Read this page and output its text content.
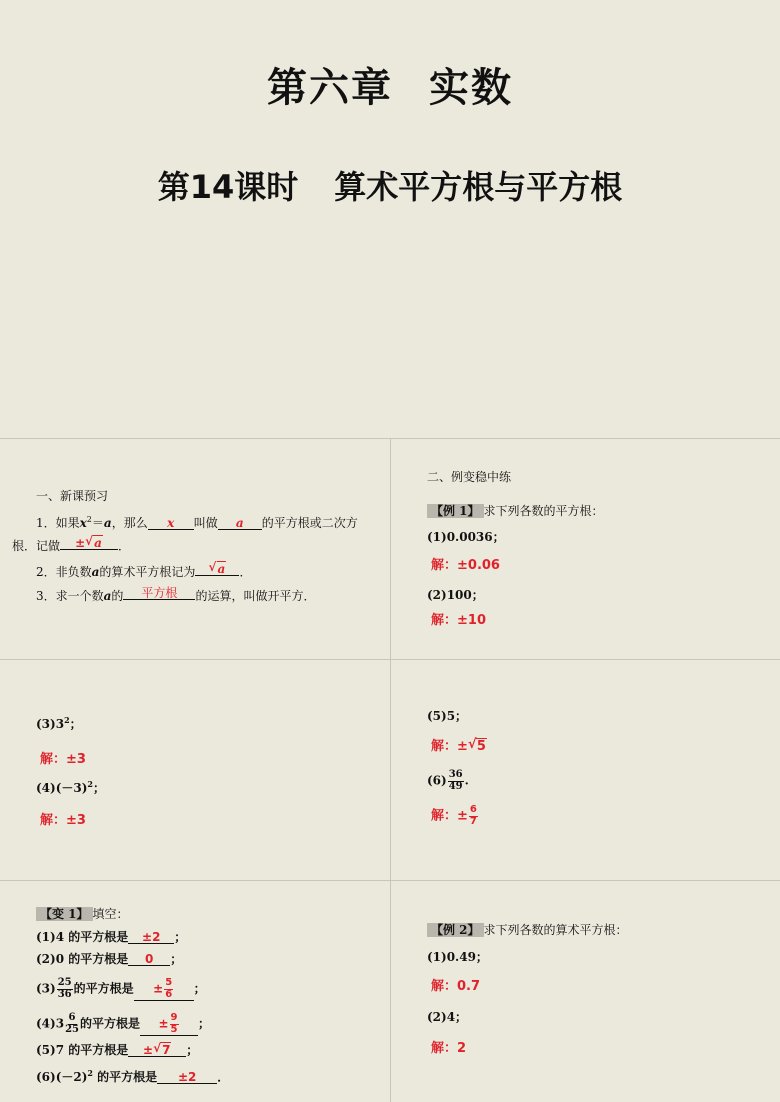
第六章 实数
第14课时 算术平方根与平方根
一、新课预习
1．如果$x^2=a$，那么 x 叫做 a 的平方根或二次方
根．记做 ± √ a ．
2．非负数a的算术平方根记为 √ a ．
3．求一个数a的 平方根 的运算，叫做开平方．
二、例变稳中练
【例 1】 求下列各数的平方根：
(1)0.0036；
解：±0.06
(2)100；
解：±10
$(3)3^2$；
解：±3
$(4)(-3)^2$；
解：±3
(5)5；
解：± √ 5
$(6) \frac{36}{49}$ .
解：± $\frac{6}{7}$
【变 1】 填空：
(1)4 的平方根是 ±2 ；
(2)0 的平方根是 0 ；
$(3) \frac{25}{36}$ 的平方根是 ± $\frac{5}{6}$ ；
$(4)3 \frac{6}{25}$ 的平方根是 ± $\frac{9}{5}$ ；
(5)7 的平方根是 ± √ 7 ；
$(6)(-2)^2$ 的平方根是 ±2 ．
【例 2】 求下列各数的算术平方根：
(1)0.49；
解：0.7
(2)4；
解：2
